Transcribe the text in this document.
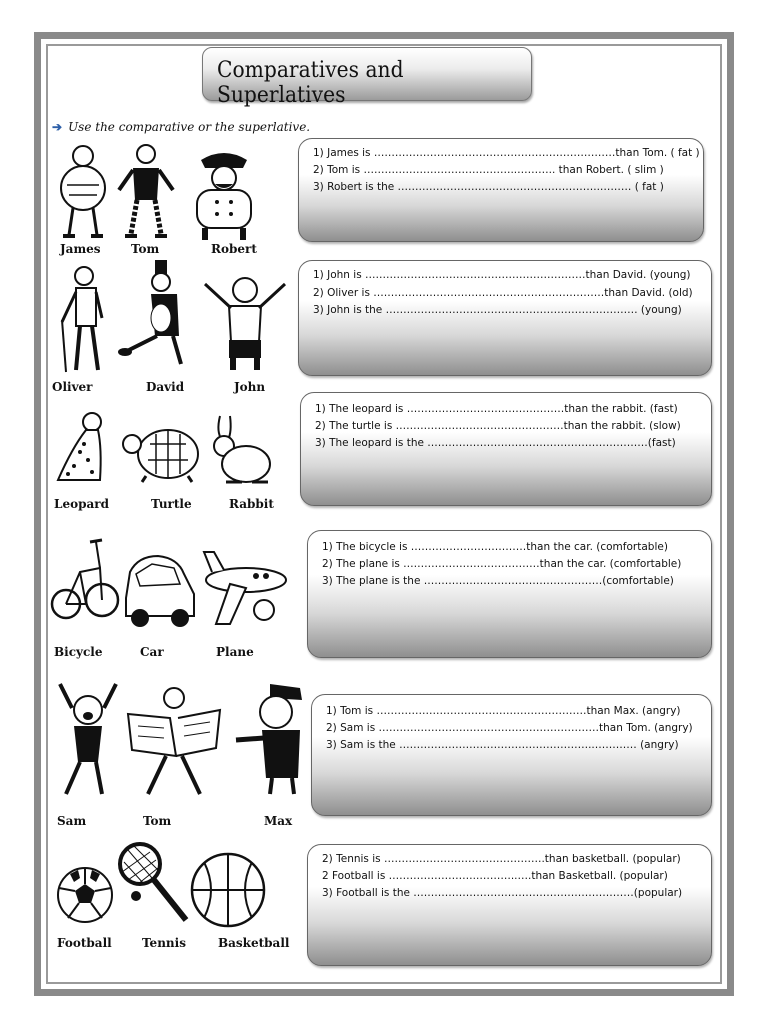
Comparatives and Superlatives
➔ Use the comparative or the superlative.
James	Tom	Robert
1) James is ……………………………………………………………than Tom. ( fat )
2) Tom is ……………………………………..……….. than Robert. ( slim )
3) Robert is the ……………………………..…………………..……… ( fat )
Oliver	David	John
1) John is ………………………………………………………than David. (young)
2) Oliver is …………………………………………………………than David. (old)
3) John is the ……………………………………………………………… (young)
Leopard	Turtle	Rabbit
1) The leopard is ………………………………………than the rabbit. (fast)
2) The turtle is …………………………………………than the rabbit. (slow)
3) The leopard is the ………………………………………………………(fast)
Bicycle	Car	Plane
1) The bicycle is ……………………………than the car. (comfortable)
2) The plane is …………………………………than the car. (comfortable)
3) The plane is the ……………………………………………(comfortable)
Sam	Tom	Max
1) Tom is ……………………………………………………than Max. (angry)
2) Sam is ………………………………………………………than Tom. (angry)
3) Sam is the ………………………………………………..………… (angry)
Football	Tennis	Basketball
2) Tennis is ……………………………………….than basketball. (popular)
2 Football is ……………………..………..….than Basketball. (popular)
3) Football is the ………………………………………………………(popular)
